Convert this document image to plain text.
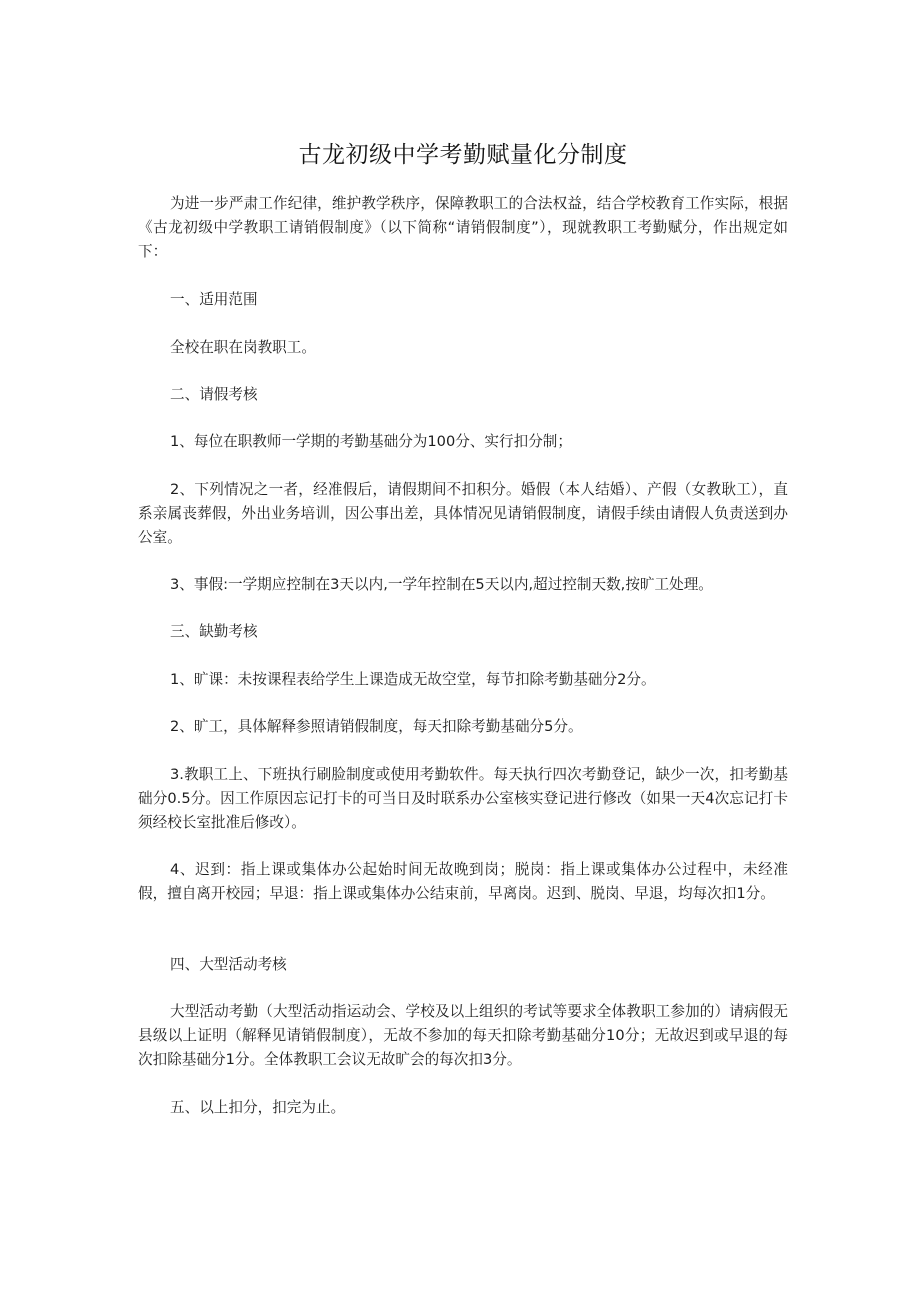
古龙初级中学考勤赋量化分制度
为进一步严肃工作纪律，维护教学秩序，保障教职工的合法权益，结合学校教育工作实际，根据《古龙初级中学教职工请销假制度》（以下简称“请销假制度”），现就教职工考勤赋分，作出规定如下：
一、适用范围
全校在职在岗教职工。
二、请假考核
1、每位在职教师一学期的考勤基础分为100分、实行扣分制；
2、下列情况之一者，经准假后，请假期间不扣积分。婚假（本人结婚）、产假（女教耿工），直系亲属丧葬假，外出业务培训，因公事出差，具体情况见请销假制度，请假手续由请假人负责送到办公室。
3、事假:一学期应控制在3天以内,一学年控制在5天以内,超过控制天数,按旷工处理。
三、缺勤考核
1、旷课：未按课程表给学生上课造成无故空堂，每节扣除考勤基础分2分。
2、旷工，具体解释参照请销假制度，每天扣除考勤基础分5分。
3.教职工上、下班执行刷脸制度或使用考勤软件。每天执行四次考勤登记，缺少一次，扣考勤基础分0.5分。因工作原因忘记打卡的可当日及时联系办公室核实登记进行修改（如果一天4次忘记打卡须经校长室批准后修改）。
4、迟到：指上课或集体办公起始时间无故晚到岗；脱岗：指上课或集体办公过程中，未经准假，擅自离开校园；早退：指上课或集体办公结束前，早离岗。迟到、脱岗、早退，均每次扣1分。
四、大型活动考核
大型活动考勤（大型活动指运动会、学校及以上组织的考试等要求全体教职工参加的）请病假无县级以上证明（解释见请销假制度），无故不参加的每天扣除考勤基础分10分；无故迟到或早退的每次扣除基础分1分。全体教职工会议无故旷会的每次扣3分。
五、以上扣分，扣完为止。
